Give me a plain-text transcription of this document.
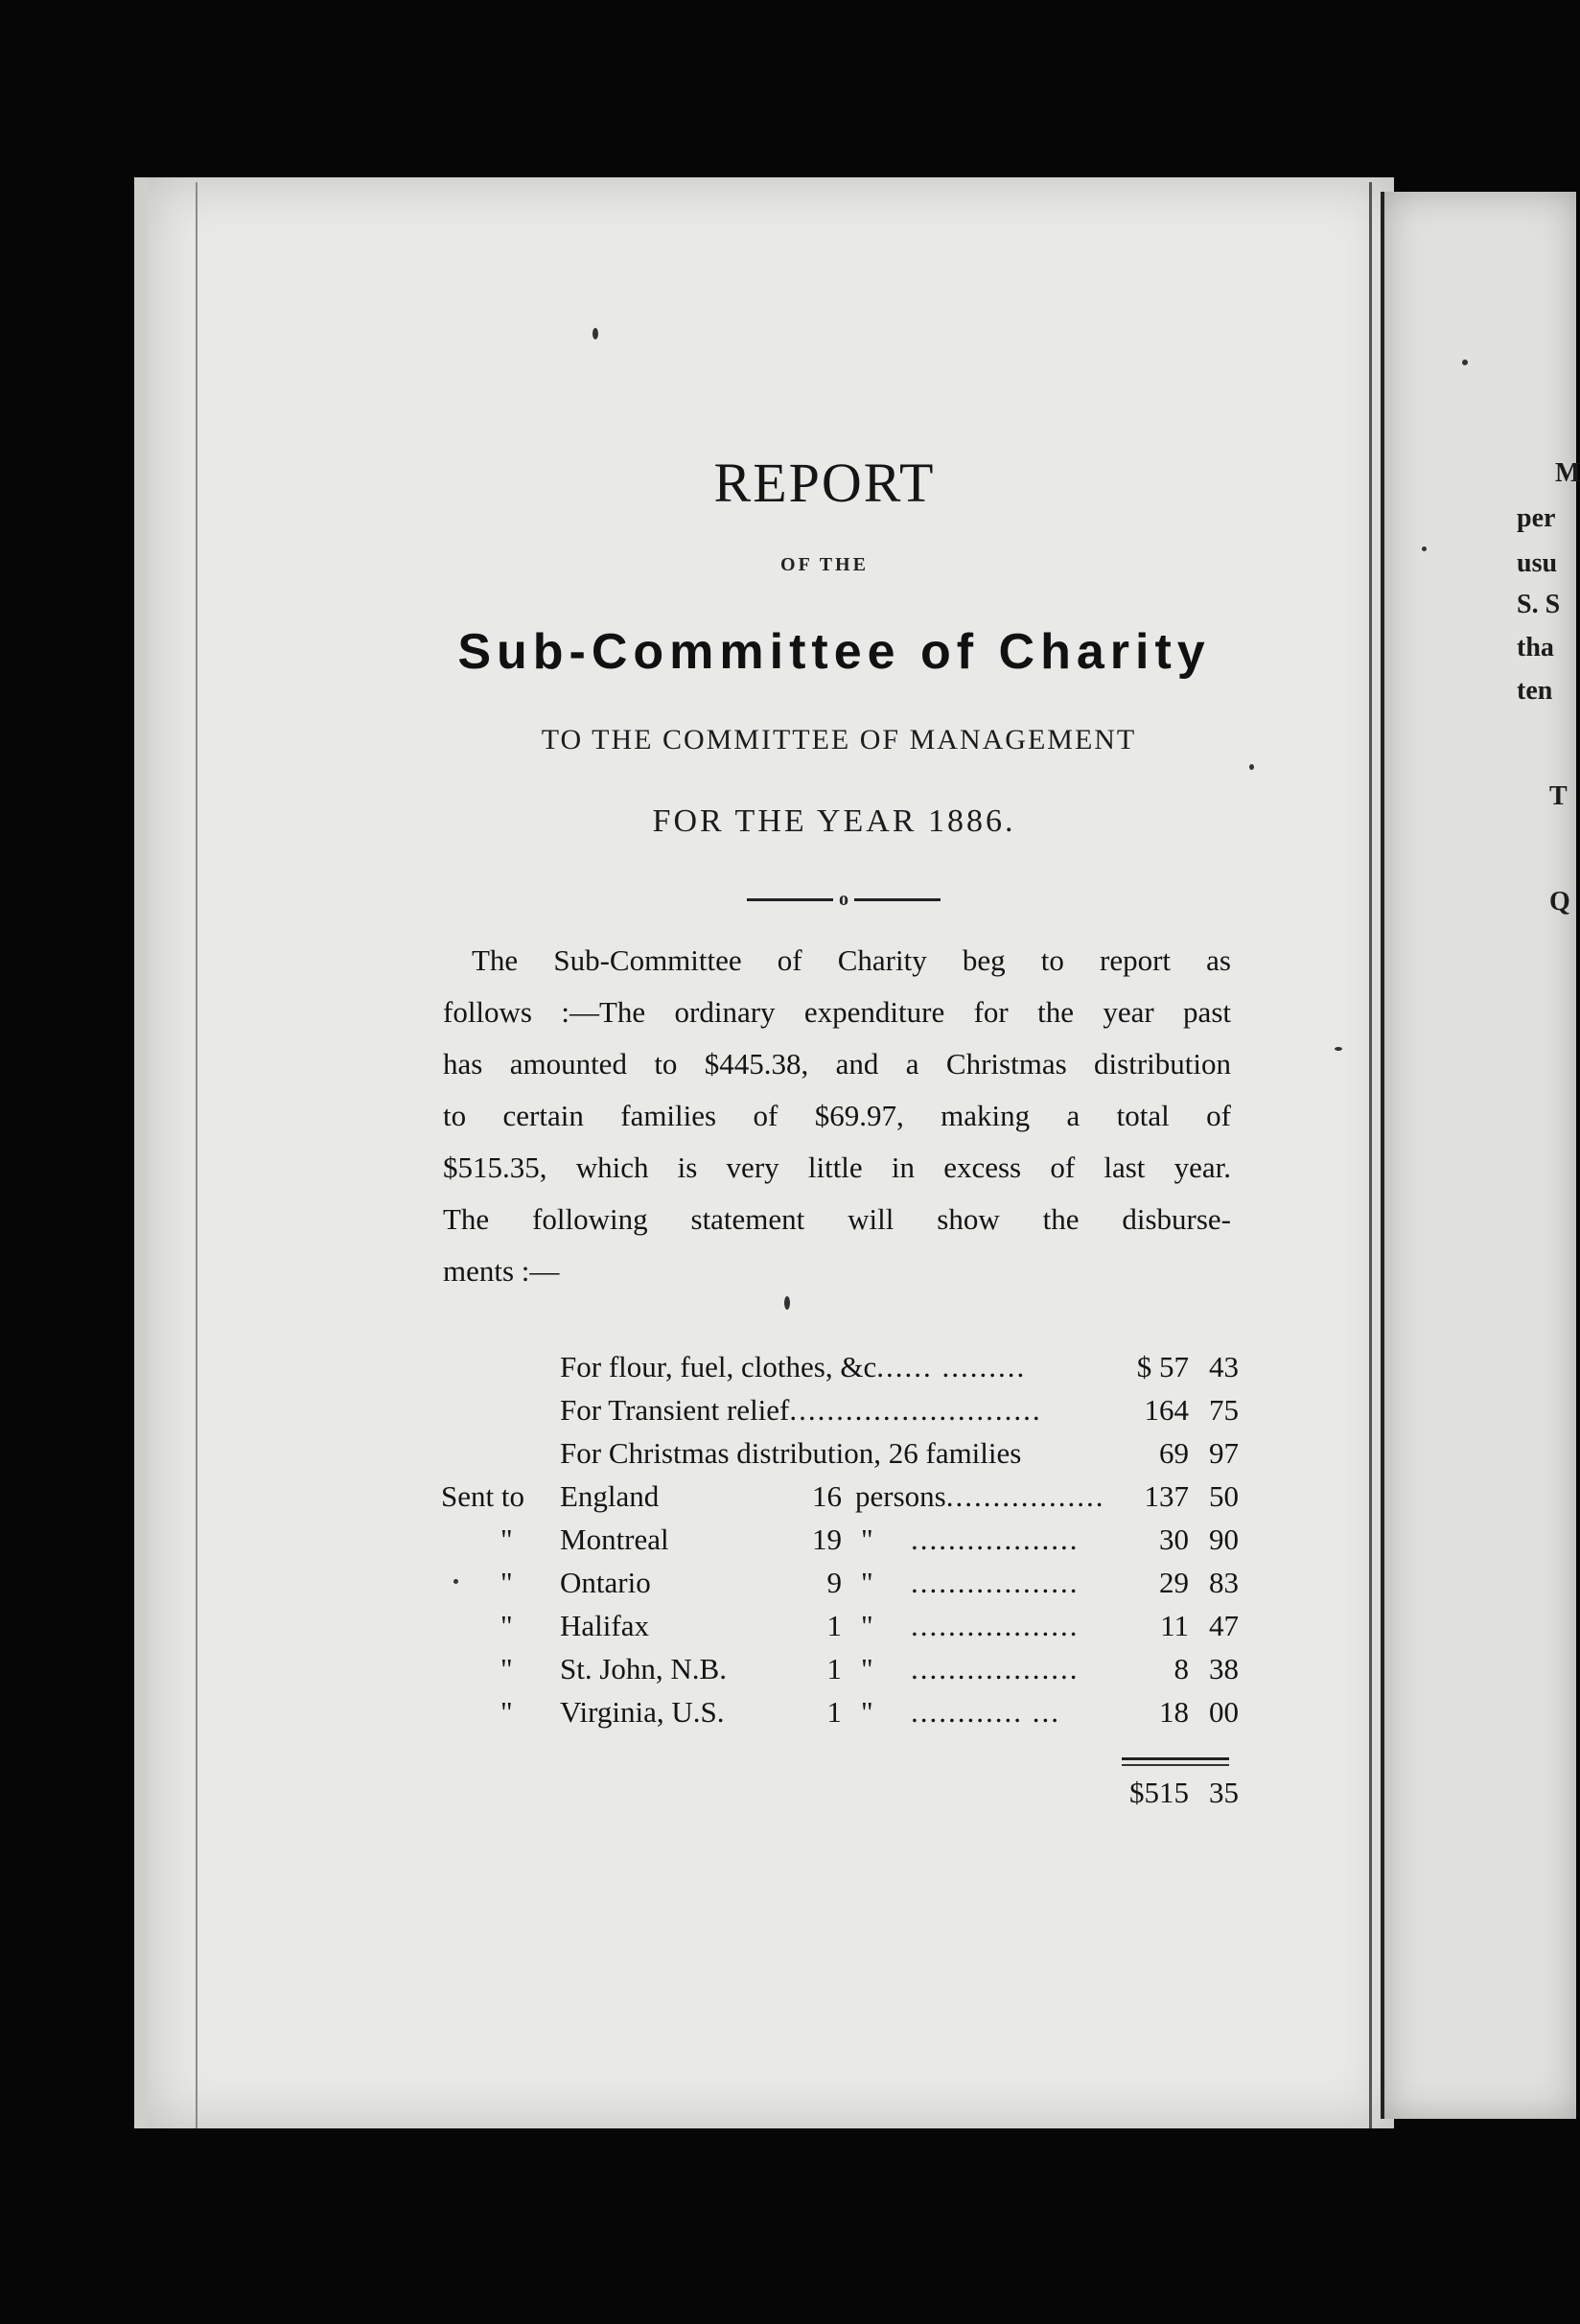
REPORT
OF THE
Sub-Committee of Charity
TO THE COMMITTEE OF MANAGEMENT
FOR THE YEAR 1886.
o
The Sub-Committee of Charity beg to report as
follows :—The ordinary expenditure for the year past
has amounted to $445.38, and a Christmas distribution
to certain families of $69.97, making a total of
$515.35, which is very little in excess of last year.
The following statement will show the disburse-
ments :—
For flour, fuel, clothes, &c...... .........	$ 57 43
For Transient relief...........................	164 75
For Christmas distribution, 26 families	69 97
Sent to England	16 persons.................	137 50
" Montreal	19 "	..................	30 90
" Ontario	9 "	..................	29 83
" Halifax	1 "	..................	11 47
" St. John, N.B.	1 "	..................	8 38
" Virginia, U.S.	1 "	............ ...	18 00
$515 35
M
per
usu
S. S
tha
ten
T
Q
